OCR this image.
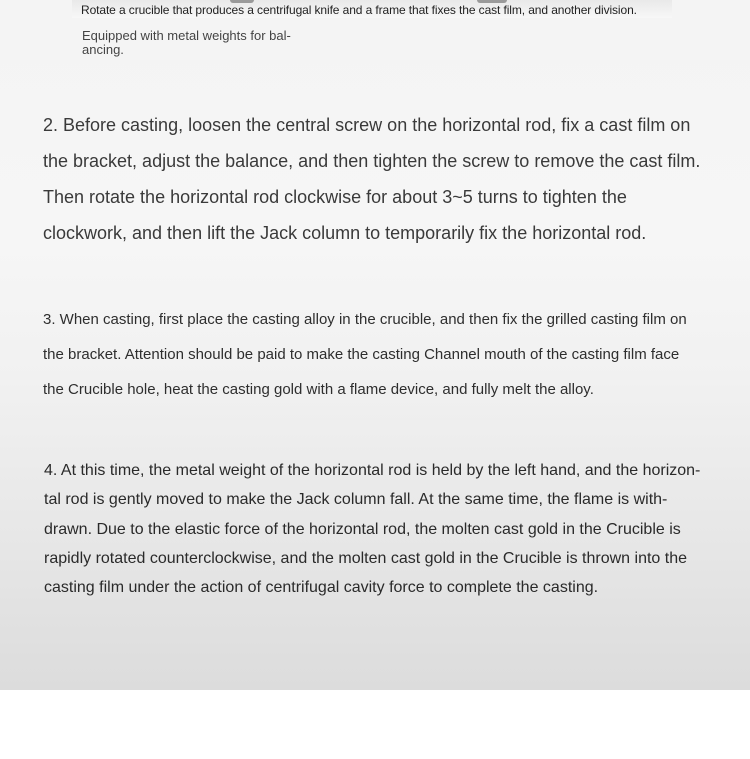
Rotate a crucible that produces a centrifugal knife and a frame that fixes the cast film, and another division.
Equipped with metal weights for bal-ancing.

2. Before casting, loosen the central screw on the horizontal rod, fix a cast film on the bracket, adjust the balance, and then tighten the screw to remove the cast film. Then rotate the horizontal rod clockwise for about 3~5 turns to tighten the clockwork, and then lift the Jack column to temporarily fix the horizontal rod.

3. When casting, first place the casting alloy in the crucible, and then fix the grilled casting film on the bracket. Attention should be paid to make the casting Channel mouth of the casting film face the Crucible hole, heat the casting gold with a flame device, and fully melt the alloy.

4. At this time, the metal weight of the horizontal rod is held by the left hand, and the horizon-tal rod is gently moved to make the Jack column fall. At the same time, the flame is with-drawn. Due to the elastic force of the horizontal rod, the molten cast gold in the Crucible is rapidly rotated counterclockwise, and the molten cast gold in the Crucible is thrown into the casting film under the action of centrifugal cavity force to complete the casting.
